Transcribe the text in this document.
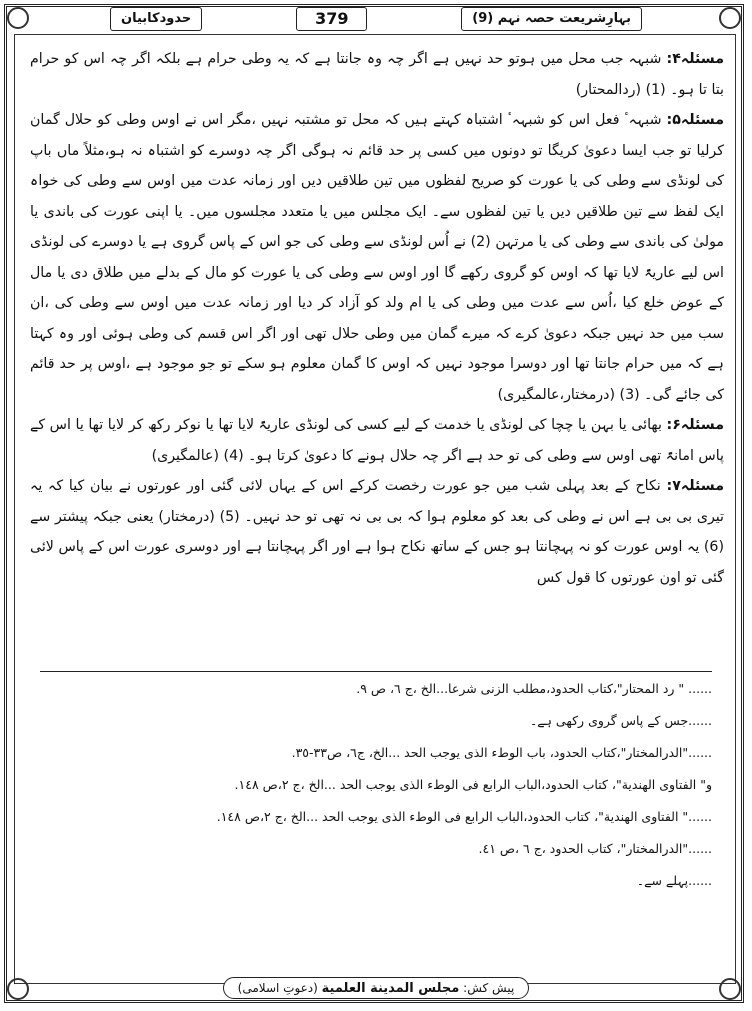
بہارِشریعت حصہ نہم (9)
379
حدودکابیان

مسئلہ۴: شبہہ جب محل میں ہوتو حد نہیں ہے اگر چہ وہ جانتا ہے کہ یہ وطی حرام ہے بلکہ اگر چہ اس کو حرام بتا تا ہو۔ (1) (ردالمحتار)

مسئلہ۵: شبہہٴ فعل اس کو شبہہٴ اشتباہ کہتے ہیں کہ محل تو مشتبہ نہیں ،مگر اس نے اوس وطی کو حلال گمان کرلیا تو جب ایسا دعویٰ کریگا تو دونوں میں کسی پر حد قائم نہ ہوگی اگر چہ دوسرے کو اشتباہ نہ ہو،مثلاً ماں باپ کی لونڈی سے وطی کی یا عورت کو صریح لفظوں میں تین طلاقیں دیں اور زمانہ عدت میں اوس سے وطی کی خواہ ایک لفظ سے تین طلاقیں دیں یا تین لفظوں سے۔ ایک مجلس میں یا متعدد مجلسوں میں۔ یا اپنی عورت کی باندی یا مولیٰ کی باندی سے وطی کی یا مرتہن (2) نے اُس لونڈی سے وطی کی جو اس کے پاس گروی ہے یا دوسرے کی لونڈی اس لیے عاریۃً لایا تھا کہ اوس کو گروی رکھے گا اور اوس سے وطی کی یا عورت کو مال کے بدلے میں طلاق دی یا مال کے عوض خلع کیا ،اُس سے عدت میں وطی کی یا ام ولد کو آزاد کر دیا اور زمانہ عدت میں اوس سے وطی کی ،ان سب میں حد نہیں جبکہ دعویٰ کرے کہ میرے گمان میں وطی حلال تھی اور اگر اس قسم کی وطی ہوئی اور وہ کہتا ہے کہ میں حرام جانتا تھا اور دوسرا موجود نہیں کہ اوس کا گمان معلوم ہو سکے تو جو موجود ہے ،اوس پر حد قائم کی جائے گی۔ (3) (درمختار،عالمگیری)

مسئلہ۶: بھائی یا بہن یا چچا کی لونڈی یا خدمت کے لیے کسی کی لونڈی عاریۃً لایا تھا یا نوکر رکھ کر لایا تھا یا اس کے پاس امانۃً تھی اوس سے وطی کی تو حد ہے اگر چہ حلال ہونے کا دعویٰ کرتا ہو۔ (4) (عالمگیری)

مسئلہ۷: نکاح کے بعد پہلی شب میں جو عورت رخصت کرکے اس کے یہاں لائی گئی اور عورتوں نے بیان کیا کہ یہ تیری بی بی ہے اس نے وطی کی بعد کو معلوم ہوا کہ بی بی نہ تھی تو حد نہیں۔ (5) (درمختار) یعنی جبکہ پیشتر سے (6) یہ اوس عورت کو نہ پہچانتا ہو جس کے ساتھ نکاح ہوا ہے اور اگر پہچانتا ہے اور دوسری عورت اس کے پاس لائی گئی تو اون عورتوں کا قول کس

...... " رد المحتار"،كتاب الحدود،مطلب الزنى شرعا...الخ ،ج ٦، ص ٩.
......جس کے پاس گروی رکھی ہے۔
......"الدرالمختار"،كتاب الحدود، باب الوطء الذى يوجب الحد ...الخ، ج٦، ص٣٣-٣٥.
و" الفتاوى الهندية"، كتاب الحدود،الباب الرابع فى الوطء الذى يوجب الحد ...الخ ،ج ٢،ص ١٤٨.
......" الفتاوى الهندية"، كتاب الحدود،الباب الرابع فى الوطء الذى يوجب الحد ...الخ ،ج ٢،ص ١٤٨.
......"الدرالمختار"، كتاب الحدود ،ج ٦ ،ص ٤١.
......پہلے سے۔
پیش کش: مجلس المدينة العلمية (دعوتِ اسلامی)
